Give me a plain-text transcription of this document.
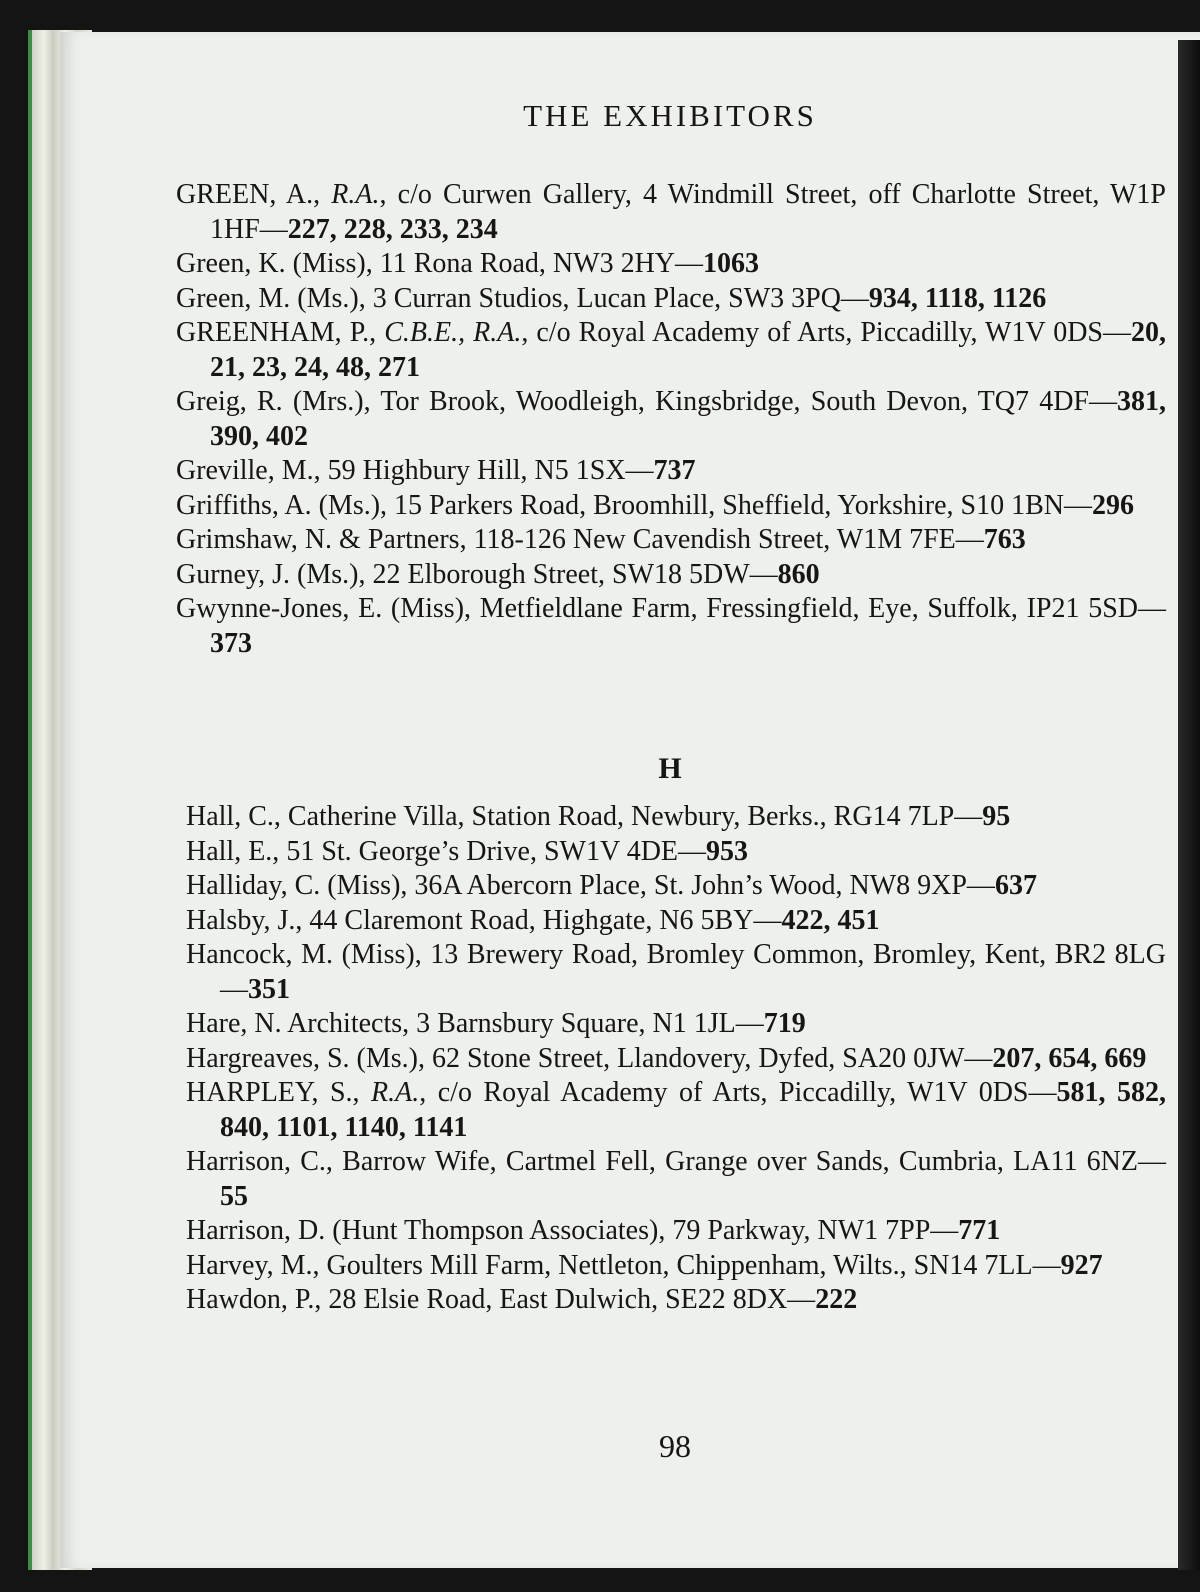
THE EXHIBITORS

GREEN, A., R.A., c/o Curwen Gallery, 4 Windmill Street, off Charlotte Street, W1P 1HF—227, 228, 233, 234

Green, K. (Miss), 11 Rona Road, NW3 2HY—1063

Green, M. (Ms.), 3 Curran Studios, Lucan Place, SW3 3PQ—934, 1118, 1126

GREENHAM, P., C.B.E., R.A., c/o Royal Academy of Arts, Piccadilly, W1V 0DS—20, 21, 23, 24, 48, 271

Greig, R. (Mrs.), Tor Brook, Woodleigh, Kingsbridge, South Devon, TQ7 4DF—381, 390, 402

Greville, M., 59 Highbury Hill, N5 1SX—737

Griffiths, A. (Ms.), 15 Parkers Road, Broomhill, Sheffield, Yorkshire, S10 1BN—296

Grimshaw, N. & Partners, 118-126 New Cavendish Street, W1M 7FE—763

Gurney, J. (Ms.), 22 Elborough Street, SW18 5DW—860

Gwynne-Jones, E. (Miss), Metfieldlane Farm, Fressingfield, Eye, Suffolk, IP21 5SD—373

H

Hall, C., Catherine Villa, Station Road, Newbury, Berks., RG14 7LP—95

Hall, E., 51 St. George’s Drive, SW1V 4DE—953

Halliday, C. (Miss), 36A Abercorn Place, St. John’s Wood, NW8 9XP—637

Halsby, J., 44 Claremont Road, Highgate, N6 5BY—422, 451

Hancock, M. (Miss), 13 Brewery Road, Bromley Common, Bromley, Kent, BR2 8LG—351

Hare, N. Architects, 3 Barnsbury Square, N1 1JL—719

Hargreaves, S. (Ms.), 62 Stone Street, Llandovery, Dyfed, SA20 0JW—207, 654, 669

HARPLEY, S., R.A., c/o Royal Academy of Arts, Piccadilly, W1V 0DS—581, 582, 840, 1101, 1140, 1141

Harrison, C., Barrow Wife, Cartmel Fell, Grange over Sands, Cumbria, LA11 6NZ—55

Harrison, D. (Hunt Thompson Associates), 79 Parkway, NW1 7PP—771

Harvey, M., Goulters Mill Farm, Nettleton, Chippenham, Wilts., SN14 7LL—927

Hawdon, P., 28 Elsie Road, East Dulwich, SE22 8DX—222

98
